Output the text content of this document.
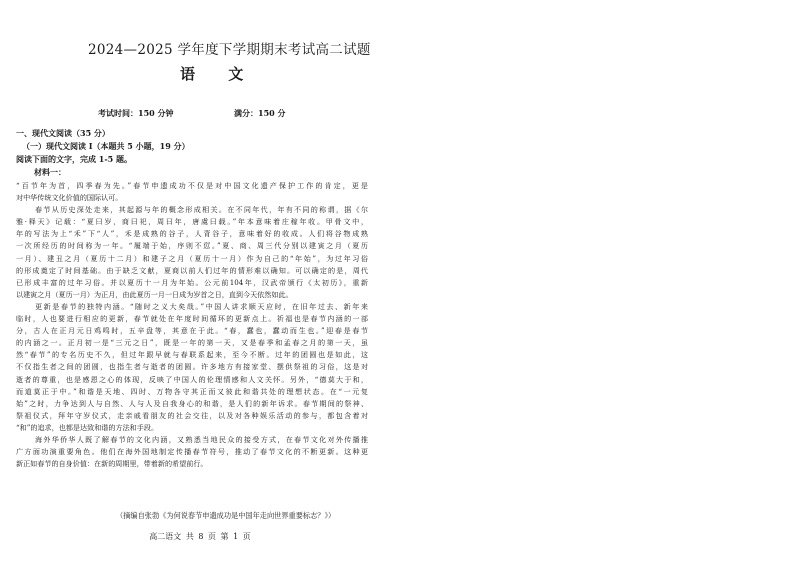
2024—2025 学年度下学期期末考试高二试题
语 文
考试时间：150 分钟	满分：150 分
一、现代文阅读（35 分）
（一）现代文阅读 I（本题共 5 小题，19 分）
阅读下面的文字，完成 1-5 题。
材料一：
“百节年为首，四季春为先。”春节申遗成功不仅是对中国文化遗产保护工作的肯定，更是
对中华传统文化价值的国际认可。
春节从历史深处走来，其起源与年的概念形成相关。在不同年代，年有不同的称谓，据《尔
雅·释天》记载：“夏曰岁，商曰祀，周曰年，唐虞曰载。”年本意味着庄稼年收。甲骨文中，
年的写法为上“禾”下“人”，禾是成熟的谷子，人背谷子，意味着好的收成。人们将谷物成熟
一次所经历的时间称为一年。“履端于始，序则不愆。”夏、商、周三代分别以建寅之月（夏历
一月）、建丑之月（夏历十二月）和建子之月（夏历十一月）作为自己的“年始”，为过年习俗
的形成奠定了时间基础。由于缺乏文献，夏商以前人们过年的情形难以确知。可以确定的是，周代
已形成丰富的过年习俗。并以夏历十一月为年始。公元前104年，汉武帝颁行《太初历》，重新
以建寅之月（夏历一月）为正月，由此夏历一月一日成为岁首之日，直到今天依然如此。
更新是春节的独特内涵。“随时之义大矣哉。”中国人讲求顺天应时，在旧年过去、新年来
临时，人也要进行相应的更新，春节就处在年度时间循环的更新点上。祈福也是春节内涵的一部
分，古人在正月元日鸡鸣时，五辛盘等，其意在于此。“春，蠢也，蠢动而生也。”迎春是春节
的内涵之一。正月初一是“三元之日”，既是一年的第一天，又是春季和孟春之月的第一天，虽
然“春节”的专名历史不久，但过年跟早就与春联系起来，至今不断。过年的团圆也是如此，这
不仅指生者之间的团圆，也指生者与逝者的团圆。许多地方有接家堂、摆供祭祖的习俗，这是对
逝者的尊重，也是感恩之心的体现，反映了中国人的伦理情感和人文关怀。另外，“德莫大于和，
而道莫正于中。”和谐是天地、四时、万物各守其正而又彼此和谐共处的理想状态。在“一元复
始”之时，力争达到人与自然、人与人及自我身心的和谐，是人们的新年诉求。春节期间的祭神、
祭祖仪式，拜年守岁仪式，走亲戚看朋友的社会交往，以及对各种娱乐活动的参与，都包含着对
“和”的追求，也都是达致和谐的方法和手段。
海外华侨华人既了解春节的文化内涵，又熟悉当地民众的接受方式，在春节文化对外传播推
广方面功演重要角色。他们在海外国地制定传播春节符号，推动了春节文化的不断更新。这种更
新正如春节的自身价值：在新的周期里，带着新的希望前行。
（摘编自张勃《为何说春节申遗成功是中国年走向世界重要标志？》）
高二语文 共 8 页 第 1 页
